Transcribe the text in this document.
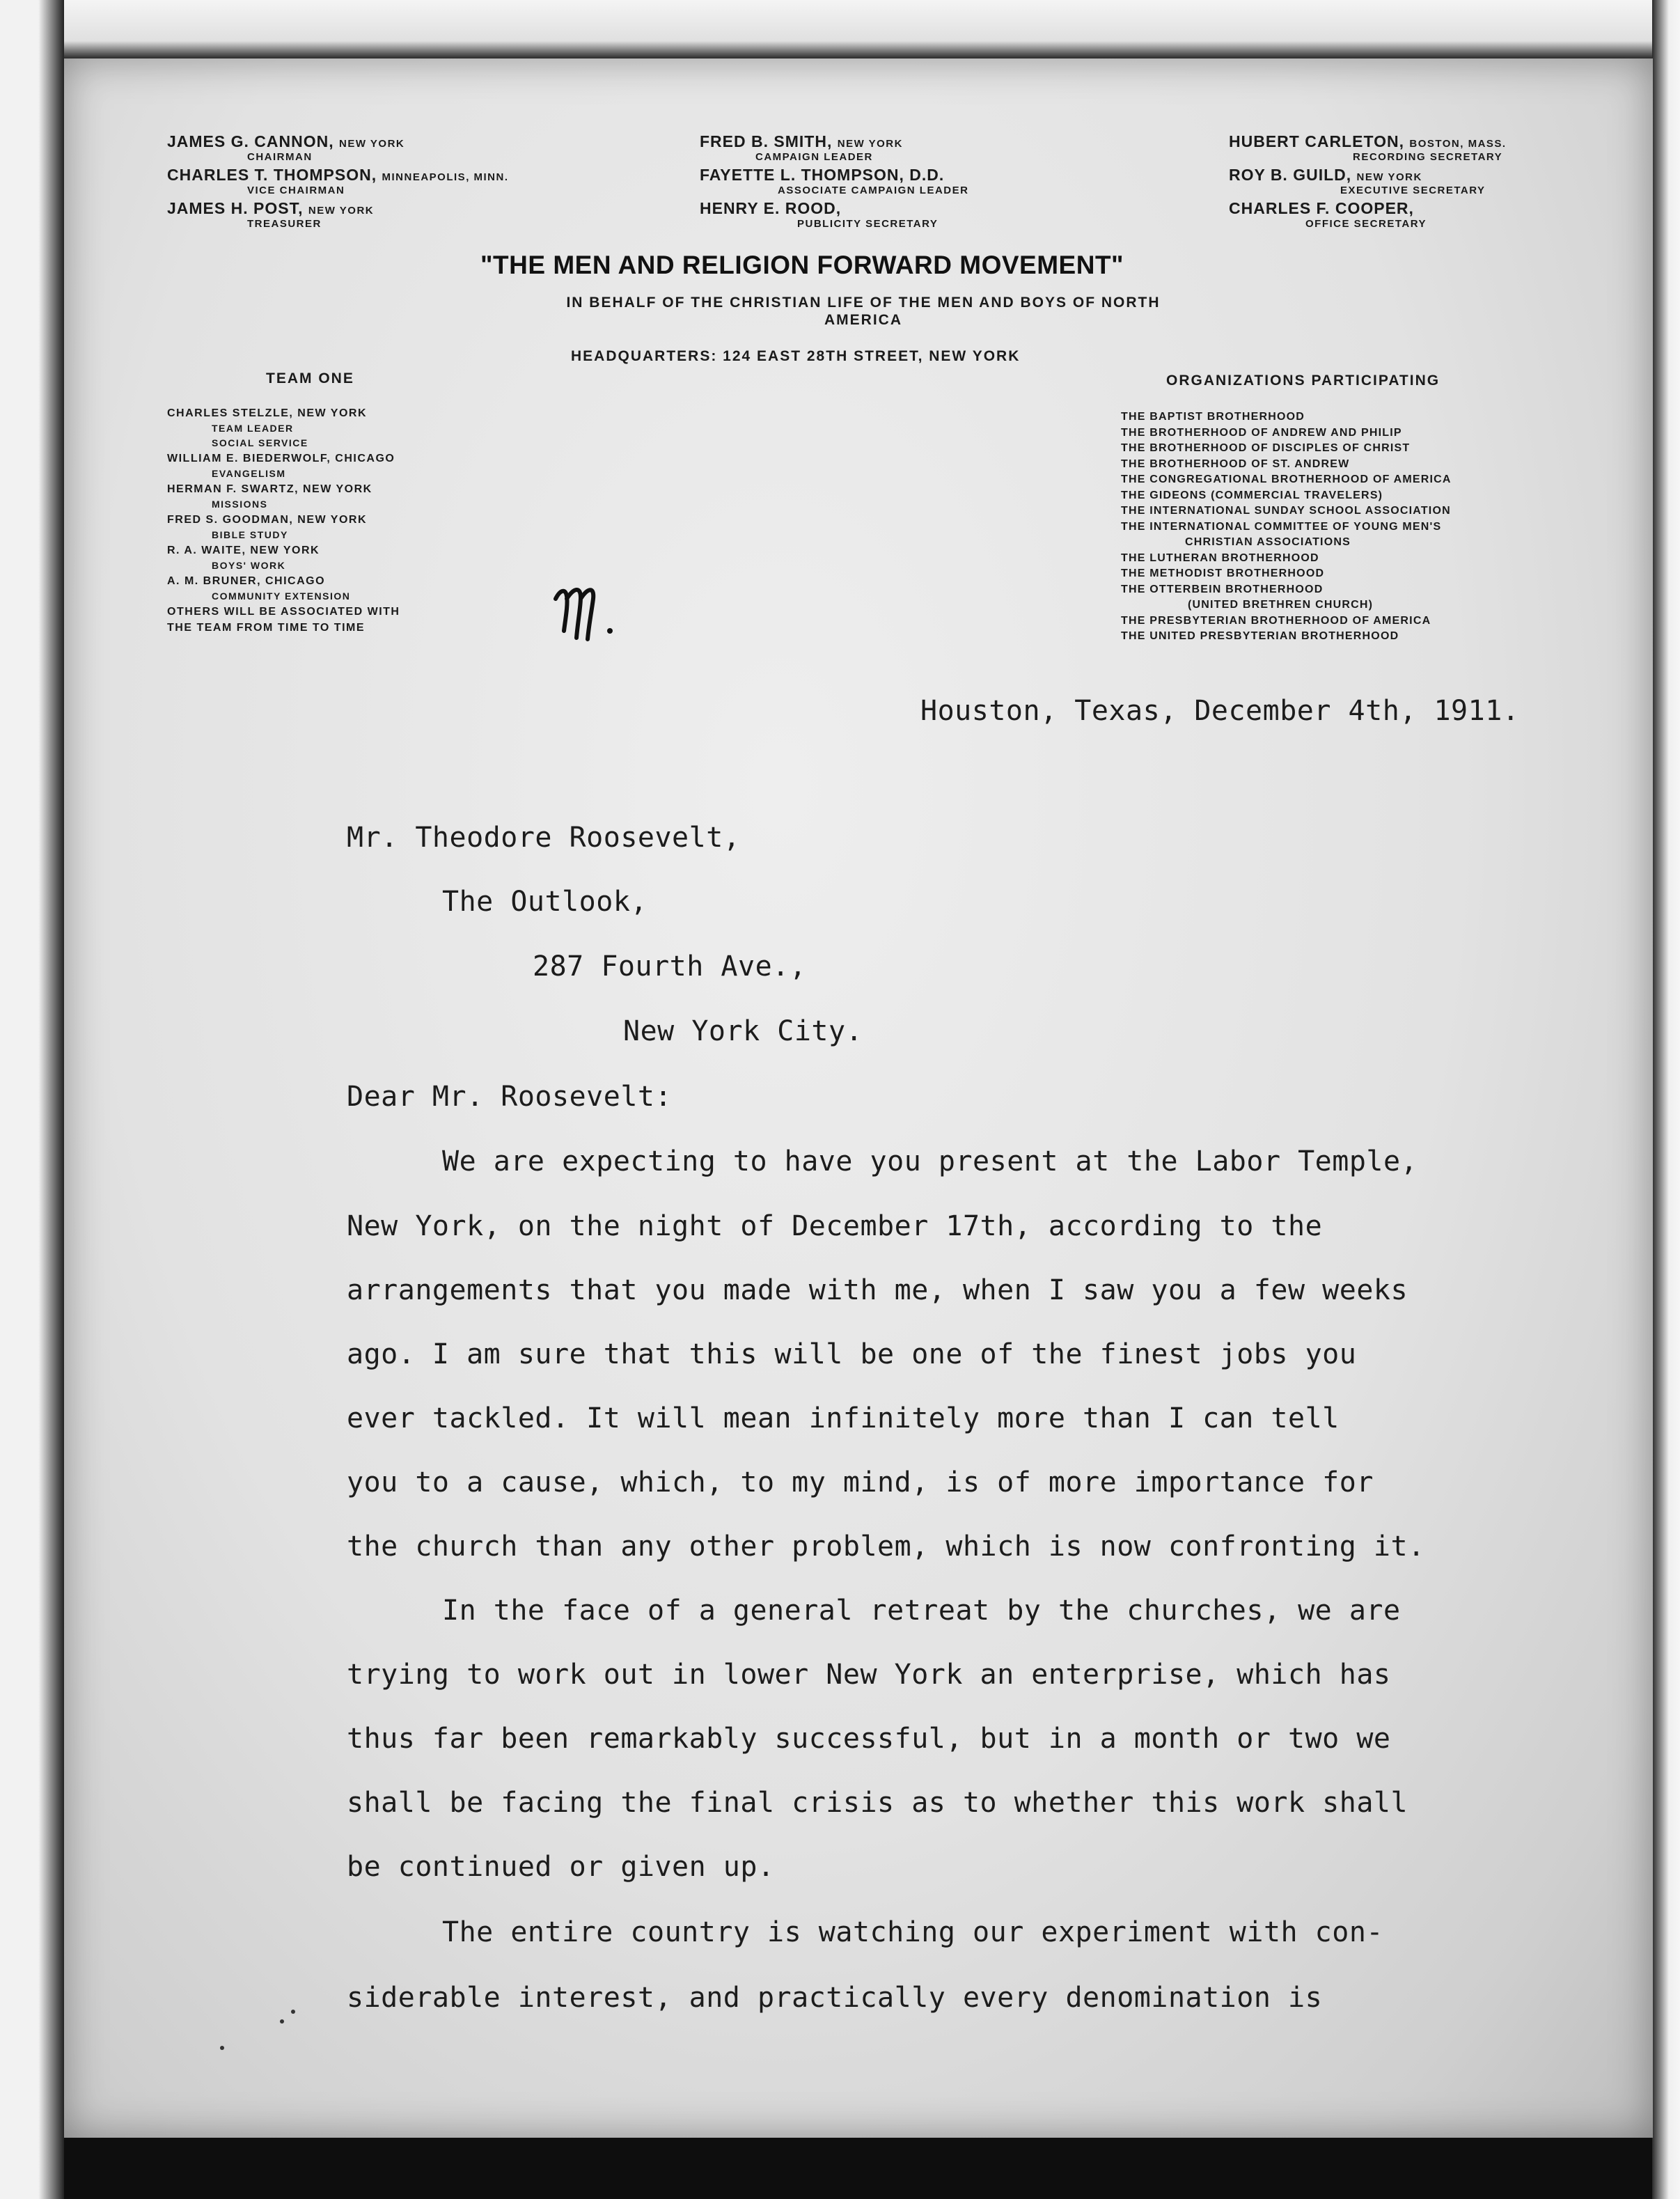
JAMES G. CANNON, NEW YORK
CHAIRMAN
CHARLES T. THOMPSON, MINNEAPOLIS, MINN.
VICE CHAIRMAN
JAMES H. POST, NEW YORK
TREASURER
FRED B. SMITH, NEW YORK
CAMPAIGN LEADER
FAYETTE L. THOMPSON, D.D.
ASSOCIATE CAMPAIGN LEADER
HENRY E. ROOD,
PUBLICITY SECRETARY
HUBERT CARLETON, BOSTON, MASS.
RECORDING SECRETARY
ROY B. GUILD, NEW YORK
EXECUTIVE SECRETARY
CHARLES F. COOPER,
OFFICE SECRETARY
"THE MEN AND RELIGION FORWARD MOVEMENT"
IN BEHALF OF THE CHRISTIAN LIFE OF THE MEN AND BOYS OF NORTH AMERICA
HEADQUARTERS: 124 EAST 28TH STREET, NEW YORK
TEAM ONE
CHARLES STELZLE, NEW YORK
TEAM LEADER
SOCIAL SERVICE
WILLIAM E. BIEDERWOLF, CHICAGO
EVANGELISM
HERMAN F. SWARTZ, NEW YORK
MISSIONS
FRED S. GOODMAN, NEW YORK
BIBLE STUDY
R. A. WAITE, NEW YORK
BOYS' WORK
A. M. BRUNER, CHICAGO
COMMUNITY EXTENSION
OTHERS WILL BE ASSOCIATED WITH
THE TEAM FROM TIME TO TIME
ORGANIZATIONS PARTICIPATING
THE BAPTIST BROTHERHOOD
THE BROTHERHOOD OF ANDREW AND PHILIP
THE BROTHERHOOD OF DISCIPLES OF CHRIST
THE BROTHERHOOD OF ST. ANDREW
THE CONGREGATIONAL BROTHERHOOD OF AMERICA
THE GIDEONS (COMMERCIAL TRAVELERS)
THE INTERNATIONAL SUNDAY SCHOOL ASSOCIATION
THE INTERNATIONAL COMMITTEE OF YOUNG MEN'S
CHRISTIAN ASSOCIATIONS
THE LUTHERAN BROTHERHOOD
THE METHODIST BROTHERHOOD
THE OTTERBEIN BROTHERHOOD
(UNITED BRETHREN CHURCH)
THE PRESBYTERIAN BROTHERHOOD OF AMERICA
THE UNITED PRESBYTERIAN BROTHERHOOD
Houston, Texas, December 4th, 1911.
Mr. Theodore Roosevelt,
The Outlook,
287 Fourth Ave.,
New York City.
Dear Mr. Roosevelt:
We are expecting to have you present at the Labor Temple,
New York, on the night of December 17th, according to the
arrangements that you made with me, when I saw you a few weeks
ago. I am sure that this will be one of the finest jobs you
ever tackled. It will mean infinitely more than I can tell
you to a cause, which, to my mind, is of more importance for
the church than any other problem, which is now confronting it.
In the face of a general retreat by the churches, we are
trying to work out in lower New York an enterprise, which has
thus far been remarkably successful, but in a month or two we
shall be facing the final crisis as to whether this work shall
be continued or given up.
The entire country is watching our experiment with con-
siderable interest, and practically every denomination is
